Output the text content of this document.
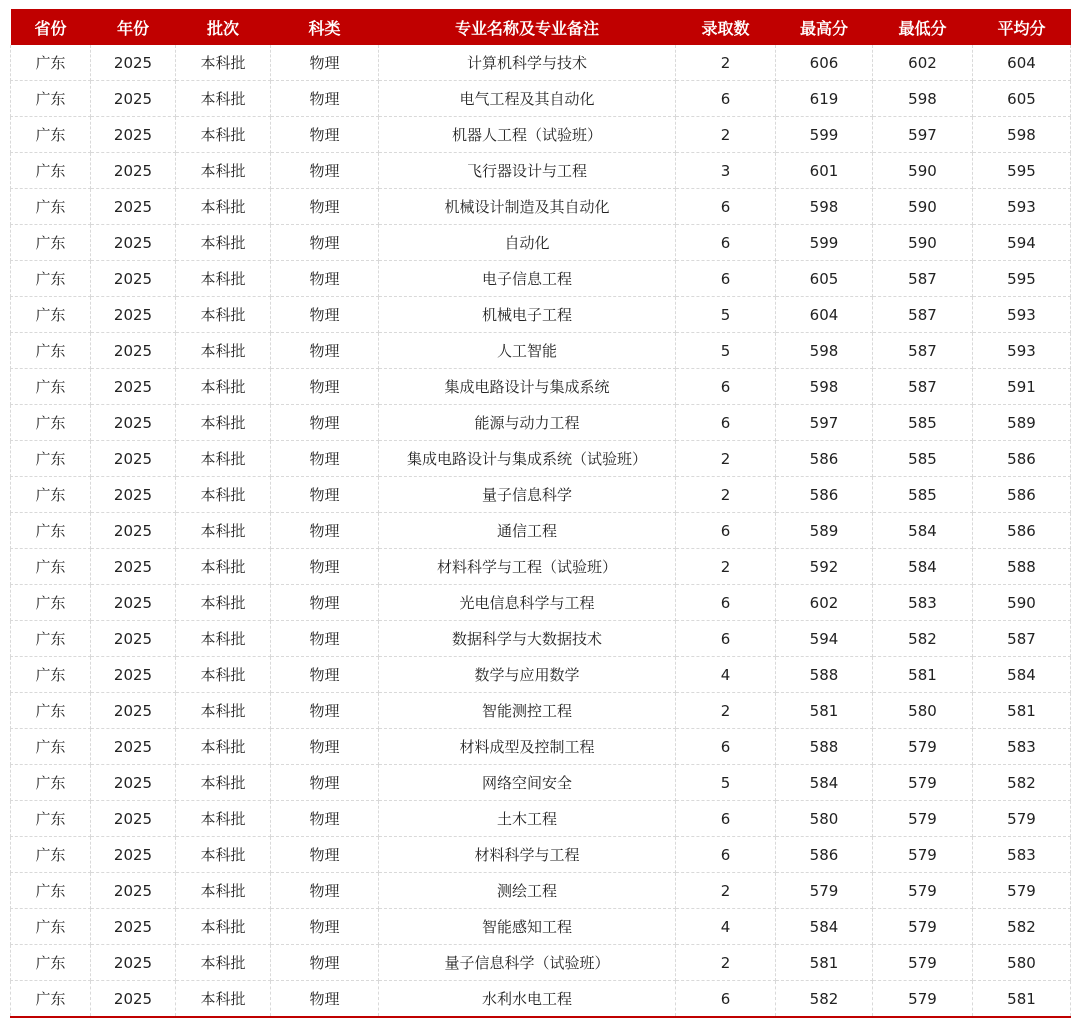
省份	年份	批次	科类	专业名称及专业备注	录取数	最高分	最低分	平均分
广东	2025	本科批	物理	计算机科学与技术	2	606	602	604
广东	2025	本科批	物理	电气工程及其自动化	6	619	598	605
广东	2025	本科批	物理	机器人工程（试验班）	2	599	597	598
广东	2025	本科批	物理	飞行器设计与工程	3	601	590	595
广东	2025	本科批	物理	机械设计制造及其自动化	6	598	590	593
广东	2025	本科批	物理	自动化	6	599	590	594
广东	2025	本科批	物理	电子信息工程	6	605	587	595
广东	2025	本科批	物理	机械电子工程	5	604	587	593
广东	2025	本科批	物理	人工智能	5	598	587	593
广东	2025	本科批	物理	集成电路设计与集成系统	6	598	587	591
广东	2025	本科批	物理	能源与动力工程	6	597	585	589
广东	2025	本科批	物理	集成电路设计与集成系统（试验班）	2	586	585	586
广东	2025	本科批	物理	量子信息科学	2	586	585	586
广东	2025	本科批	物理	通信工程	6	589	584	586
广东	2025	本科批	物理	材料科学与工程（试验班）	2	592	584	588
广东	2025	本科批	物理	光电信息科学与工程	6	602	583	590
广东	2025	本科批	物理	数据科学与大数据技术	6	594	582	587
广东	2025	本科批	物理	数学与应用数学	4	588	581	584
广东	2025	本科批	物理	智能测控工程	2	581	580	581
广东	2025	本科批	物理	材料成型及控制工程	6	588	579	583
广东	2025	本科批	物理	网络空间安全	5	584	579	582
广东	2025	本科批	物理	土木工程	6	580	579	579
广东	2025	本科批	物理	材料科学与工程	6	586	579	583
广东	2025	本科批	物理	测绘工程	2	579	579	579
广东	2025	本科批	物理	智能感知工程	4	584	579	582
广东	2025	本科批	物理	量子信息科学（试验班）	2	581	579	580
广东	2025	本科批	物理	水利水电工程	6	582	579	581
